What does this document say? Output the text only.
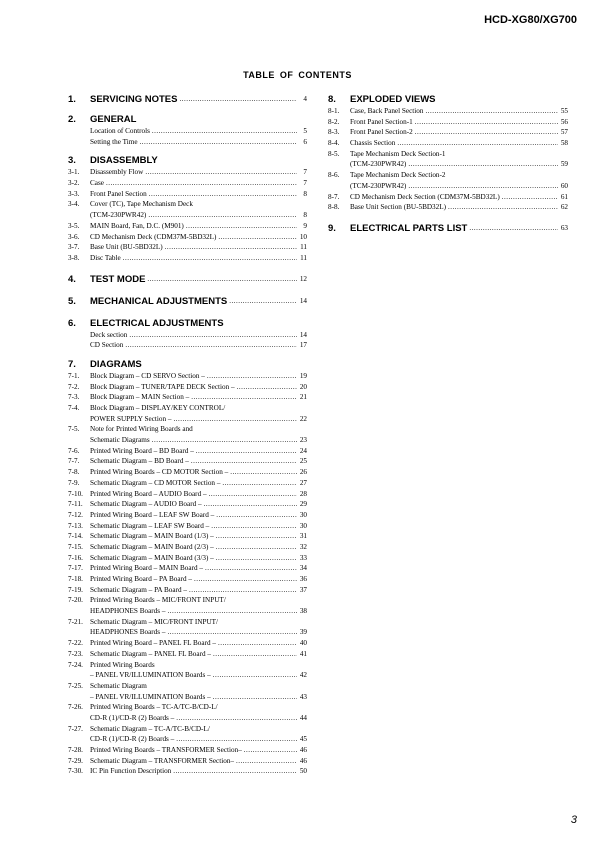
HCD-XG80/XG700
TABLE OF CONTENTS
1.	SERVICING NOTES .....	4
2.	GENERAL
Location of Controls .....	5
Setting the Time .....	6
3.	DISASSEMBLY
3-1.	Disassembly Flow .....	7
3-2.	Case .....	7
3-3.	Front Panel Section .....	8
3-4.	Cover (TC), Tape Mechanism Deck
(TCM-230PWR42) .....	8
3-5.	MAIN Board, Fan, D.C. (M901) .....	9
3-6.	CD Mechanism Deck (CDM37M-5BD32L) .....	10
3-7.	Base Unit (BU-5BD32L) .....	11
3-8.	Disc Table .....	11
4.	TEST MODE .....	12
5.	MECHANICAL ADJUSTMENTS .....	14
6.	ELECTRICAL ADJUSTMENTS
Deck section .....	14
CD Section .....	17
7.	DIAGRAMS
7-1.	Block Diagram – CD SERVO Section – .....	19
7-2.	Block Diagram – TUNER/TAPE DECK Section – .....	20
7-3.	Block Diagram – MAIN Section – .....	21
7-4.	Block Diagram – DISPLAY/KEY CONTROL/
POWER SUPPLY Section – .....	22
7-5.	Note for Printed Wiring Boards and
Schematic Diagrams .....	23
7-6.	Printed Wiring Board – BD Board – .....	24
7-7.	Schematic Diagram – BD Board – .....	25
7-8.	Printed Wiring Boards – CD MOTOR Section – .....	26
7-9.	Schematic Diagram – CD MOTOR Section – .....	27
7-10. Printed Wiring Board – AUDIO Board – .....	28
7-11.	Schematic Diagram – AUDIO Board – .....	29
7-12. Printed Wiring Board – LEAF SW Board – .....	30
7-13. Schematic Diagram – LEAF SW Board – .....	30
7-14. Schematic Diagram – MAIN Board (1/3) – .....	31
7-15. Schematic Diagram – MAIN Board (2/3) – .....	32
7-16. Schematic Diagram – MAIN Board (3/3) – .....	33
7-17. Printed Wiring Board – MAIN Board – .....	34
7-18. Printed Wiring Board – PA Board – .....	36
7-19. Schematic Diagram – PA Board – .....	37
7-20. Printed Wiring Boards – MIC/FRONT INPUT/
HEADPHONES Boards – .....	38
7-21. Schematic Diagram – MIC/FRONT INPUT/
HEADPHONES Boards – .....	39
7-22. Printed Wiring Board – PANEL FL Board – .....	40
7-23. Schematic Diagram – PANEL FL Board – .....	41
7-24. Printed Wiring Boards
– PANEL VR/ILLUMINATION Boards – .....	42
7-25. Schematic Diagram
– PANEL VR/ILLUMINATION Boards – .....	43
7-26. Printed Wiring Boards – TC-A/TC-B/CD-L/
CD-R (1)/CD-R (2) Boards – .....	44
7-27. Schematic Diagram – TC-A/TC-B/CD-L/
CD-R (1)/CD-R (2) Boards – .....	45
7-28. Printed Wiring Boards – TRANSFORMER Section– .....	46
7-29. Schematic Diagram – TRANSFORMER Section– .....	46
7-30. IC Pin Function Description .....	50
8.	EXPLODED VIEWS
8-1.	Case, Back Panel Section .....	55
8-2.	Front Panel Section-1 .....	56
8-3.	Front Panel Section-2 .....	57
8-4.	Chassis Section .....	58
8-5.	Tape Mechanism Deck Section-1
(TCM-230PWR42) .....	59
8-6.	Tape Mechanism Deck Section-2
(TCM-230PWR42) .....	60
8-7.	CD Mechanism Deck Section (CDM37M-5BD32L) .....	61
8-8.	Base Unit Section (BU-5BD32L) .....	62
9.	ELECTRICAL PARTS LIST .....	63
3
